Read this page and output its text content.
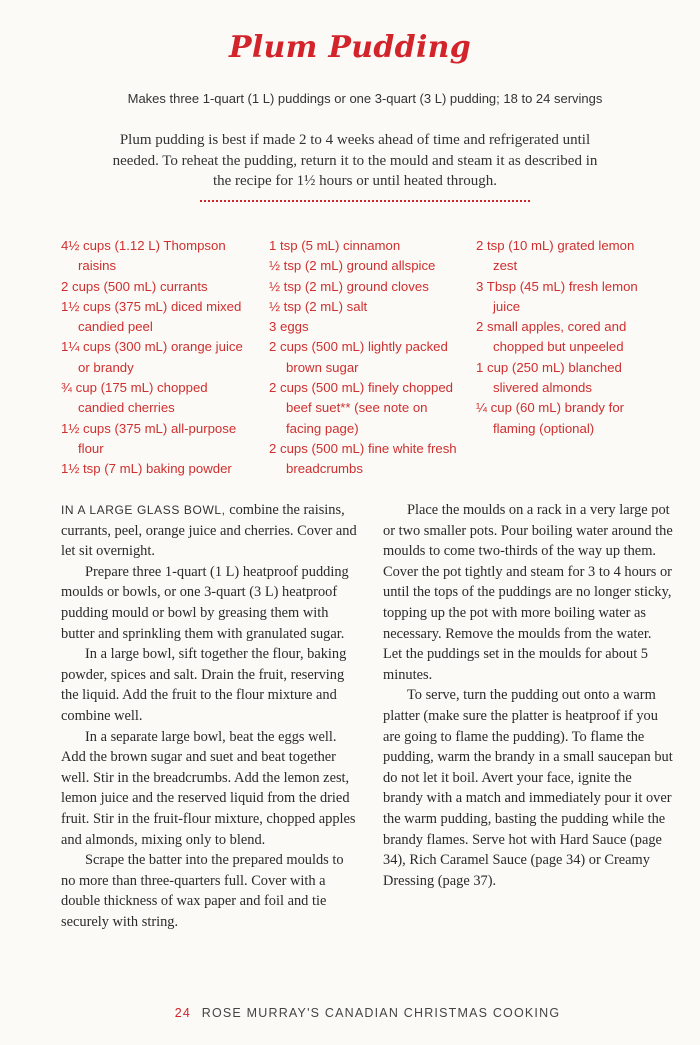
Plum Pudding
Makes three 1-quart (1 L) puddings or one 3-quart (3 L) pudding; 18 to 24 servings
Plum pudding is best if made 2 to 4 weeks ahead of time and refrigerated until needed. To reheat the pudding, return it to the mould and steam it as described in the recipe for 1½ hours or until heated through.
4½ cups (1.12 L) Thompson raisins
2 cups (500 mL) currants
1½ cups (375 mL) diced mixed candied peel
1¼ cups (300 mL) orange juice or brandy
¾ cup (175 mL) chopped candied cherries
1½ cups (375 mL) all-purpose flour
1½ tsp (7 mL) baking powder
1 tsp (5 mL) cinnamon
½ tsp (2 mL) ground allspice
½ tsp (2 mL) ground cloves
½ tsp (2 mL) salt
3 eggs
2 cups (500 mL) lightly packed brown sugar
2 cups (500 mL) finely chopped beef suet** (see note on facing page)
2 cups (500 mL) fine white fresh breadcrumbs
2 tsp (10 mL) grated lemon zest
3 Tbsp (45 mL) fresh lemon juice
2 small apples, cored and chopped but unpeeled
1 cup (250 mL) blanched slivered almonds
¼ cup (60 mL) brandy for flaming (optional)

IN A LARGE GLASS BOWL, combine the raisins, currants, peel, orange juice and cherries. Cover and let sit overnight.

Prepare three 1-quart (1 L) heatproof pudding moulds or bowls, or one 3-quart (3 L) heatproof pudding mould or bowl by greasing them with butter and sprinkling them with granulated sugar.

In a large bowl, sift together the flour, baking powder, spices and salt. Drain the fruit, reserving the liquid. Add the fruit to the flour mixture and combine well.

In a separate large bowl, beat the eggs well. Add the brown sugar and suet and beat together well. Stir in the breadcrumbs. Add the lemon zest, lemon juice and the reserved liquid from the dried fruit. Stir in the fruit-flour mixture, chopped apples and almonds, mixing only to blend.

Scrape the batter into the prepared moulds to no more than three-quarters full. Cover with a double thickness of wax paper and foil and tie securely with string.

Place the moulds on a rack in a very large pot or two smaller pots. Pour boiling water around the moulds to come two-thirds of the way up them. Cover the pot tightly and steam for 3 to 4 hours or until the tops of the puddings are no longer sticky, topping up the pot with more boiling water as necessary. Remove the moulds from the water. Let the puddings set in the moulds for about 5 minutes.

To serve, turn the pudding out onto a warm platter (make sure the platter is heatproof if you are going to flame the pudding). To flame the pudding, warm the brandy in a small saucepan but do not let it boil. Avert your face, ignite the brandy with a match and immediately pour it over the warm pudding, basting the pudding while the brandy flames. Serve hot with Hard Sauce (page 34), Rich Caramel Sauce (page 34) or Creamy Dressing (page 37).

24 ROSE MURRAY'S CANADIAN CHRISTMAS COOKING
